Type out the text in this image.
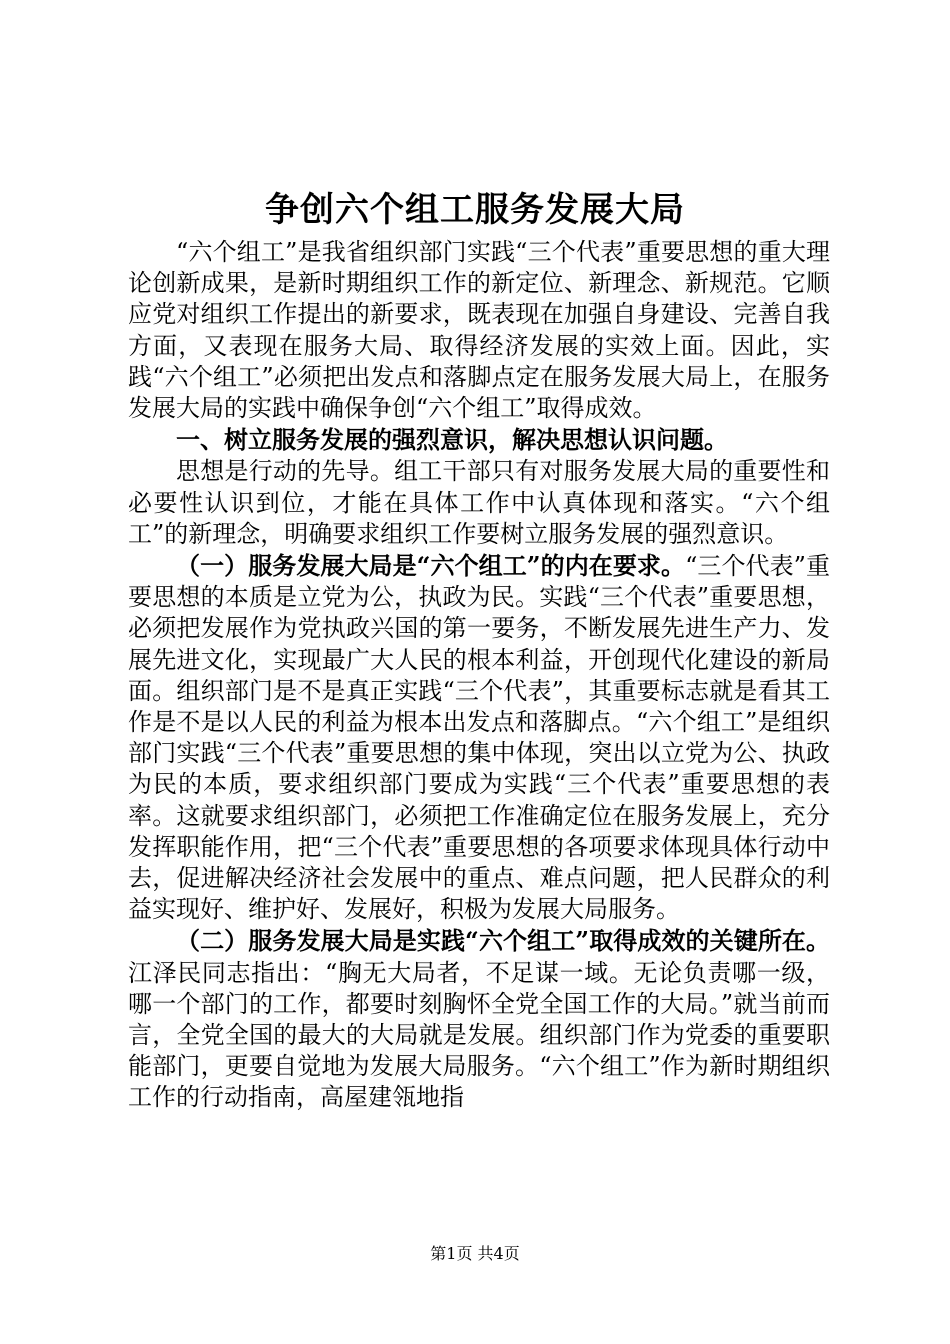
争创六个组工服务发展大局

“六个组工”是我省组织部门实践“三个代表”重要思想的重大理论创新成果，是新时期组织工作的新定位、新理念、新规范。它顺应党对组织工作提出的新要求，既表现在加强自身建设、完善自我方面，又表现在服务大局、取得经济发展的实效上面。因此，实践“六个组工”必须把出发点和落脚点定在服务发展大局上，在服务发展大局的实践中确保争创“六个组工”取得成效。

一、树立服务发展的强烈意识，解决思想认识问题。

思想是行动的先导。组工干部只有对服务发展大局的重要性和必要性认识到位，才能在具体工作中认真体现和落实。“六个组工”的新理念，明确要求组织工作要树立服务发展的强烈意识。

（一）服务发展大局是“六个组工”的内在要求。“三个代表”重要思想的本质是立党为公，执政为民。实践“三个代表”重要思想，必须把发展作为党执政兴国的第一要务，不断发展先进生产力、发展先进文化，实现最广大人民的根本利益，开创现代化建设的新局面。组织部门是不是真正实践“三个代表”，其重要标志就是看其工作是不是以人民的利益为根本出发点和落脚点。“六个组工”是组织部门实践“三个代表”重要思想的集中体现，突出以立党为公、执政为民的本质，要求组织部门要成为实践“三个代表”重要思想的表率。这就要求组织部门，必须把工作准确定位在服务发展上，充分发挥职能作用，把“三个代表”重要思想的各项要求体现具体行动中去，促进解决经济社会发展中的重点、难点问题，把人民群众的利益实现好、维护好、发展好，积极为发展大局服务。

（二）服务发展大局是实践“六个组工”取得成效的关键所在。江泽民同志指出：“胸无大局者，不足谋一域。无论负责哪一级，哪一个部门的工作，都要时刻胸怀全党全国工作的大局。”就当前而言，全党全国的最大的大局就是发展。组织部门作为党委的重要职能部门，更要自觉地为发展大局服务。“六个组工”作为新时期组织工作的行动指南，高屋建瓴地指

第1页 共4页
